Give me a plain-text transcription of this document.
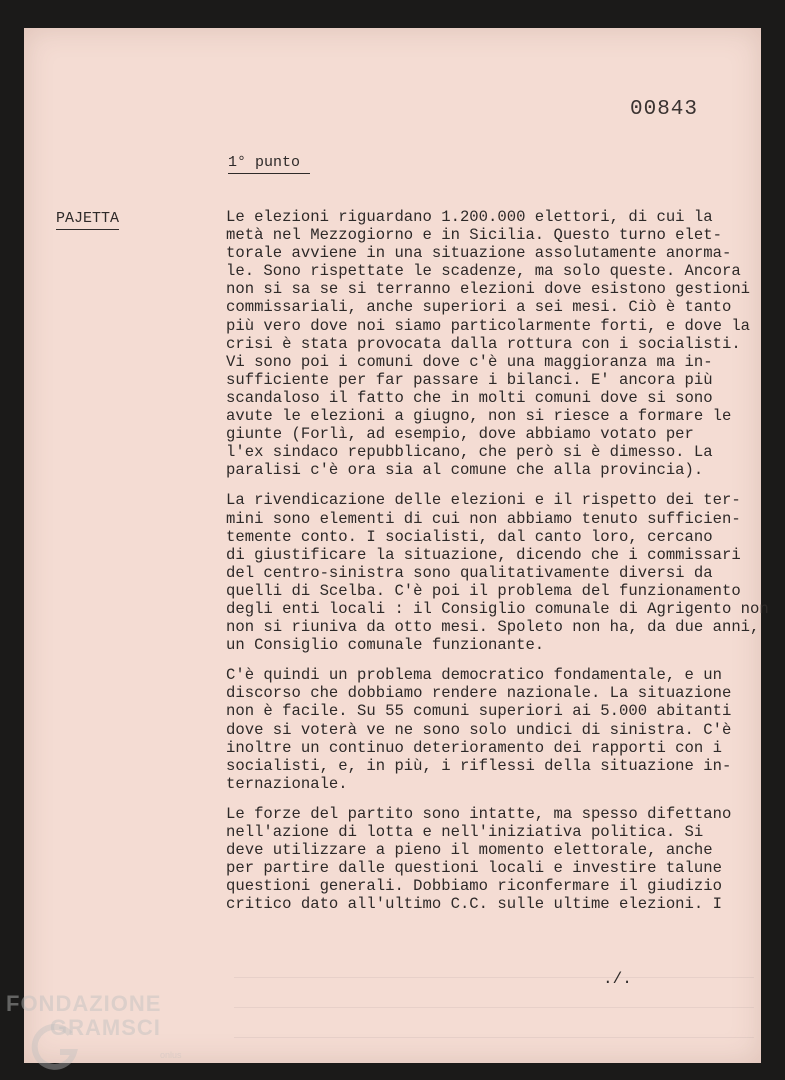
00843
1° punto
PAJETTA	Le elezioni riguardano 1.200.000 elettori, di cui la
metà nel Mezzogiorno e in Sicilia. Questo turno elet-
torale avviene in una situazione assolutamente anorma-
le. Sono rispettate le scadenze, ma solo queste. Ancora
non si sa se si terranno elezioni dove esistono gestioni
commissariali, anche superiori a sei mesi. Ciò è tanto
più vero dove noi siamo particolarmente forti, e dove la
crisi è stata provocata dalla rottura con i socialisti.
Vi sono poi i comuni dove c'è una maggioranza ma in-
sufficiente per far passare i bilanci. E' ancora più
scandaloso il fatto che in molti comuni dove si sono
avute le elezioni a giugno, non si riesce a formare le
giunte (Forlì, ad esempio, dove abbiamo votato per
l'ex sindaco repubblicano, che però si è dimesso. La
paralisi c'è ora sia al comune che alla provincia).

La rivendicazione delle elezioni e il rispetto dei ter-
mini sono elementi di cui non abbiamo tenuto sufficien-
temente conto. I socialisti, dal canto loro, cercano
di giustificare la situazione, dicendo che i commissari
del centro-sinistra sono qualitativamente diversi da
quelli di Scelba. C'è poi il problema del funzionamento
degli enti locali : il Consiglio comunale di Agrigento non
non si riuniva da otto mesi. Spoleto non ha, da due anni,
un Consiglio comunale funzionante.

C'è quindi un problema democratico fondamentale, e un
discorso che dobbiamo rendere nazionale. La situazione
non è facile. Su 55 comuni superiori ai 5.000 abitanti
dove si voterà ve ne sono solo undici di sinistra. C'è
inoltre un continuo deterioramento dei rapporti con i
socialisti, e, in più, i riflessi della situazione in-
ternazionale.

Le forze del partito sono intatte, ma spesso difettano
nell'azione di lotta e nell'iniziativa politica. Si
deve utilizzare a pieno il momento elettorale, anche
per partire dalle questioni locali e investire talune
questioni generali. Dobbiamo riconfermare il giudizio
critico dato all'ultimo C.C. sulle ultime elezioni. I

./.
FONDAZIONE
GRAMSCI
onlus
